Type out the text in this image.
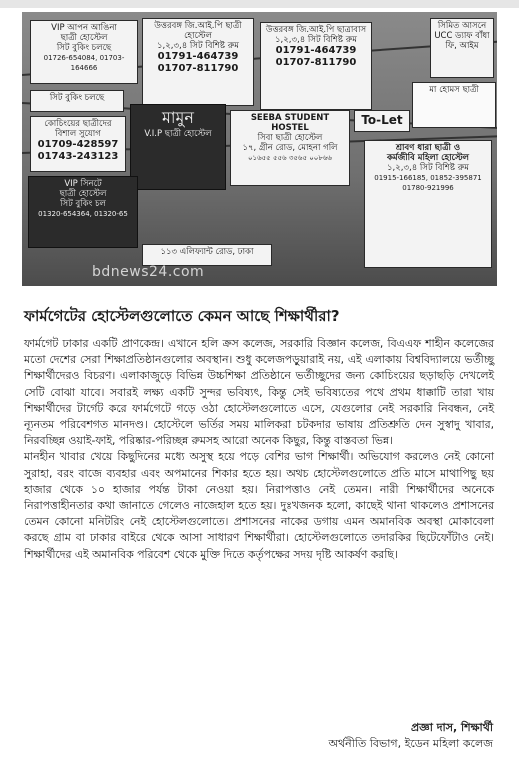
VIP আপন আঙিনা
ছাত্রী হোস্টেল
সিট বুকিং চলছে
01726-654084, 01703-164666
উত্তরবঙ্গ জি.আই.পি ছাত্রী হোস্টেল
১,২,৩,৪ সিট বিশিষ্ট রুম
01791-464739
01707-811790
উত্তরবঙ্গ জি.আই.পি ছাত্রাবাস
১,২,৩,৪ সিট বিশিষ্ট রুম
01791-464739
01707-811790
সিমিত আসনে
UCC ড্যাফ বাঁধা
ফি, আইম
সিট বুকিং চলছে
মামুন
V.I.P ছাত্রী হোস্টেল
SEEBA STUDENT HOSTEL
সিবা ছাত্রী হোস্টেল
১৭, গ্রীন রোড, মোহনা গলি
০১৬৫৫ ৫৫৬ ৩৫৬৫ ০০৮৬৬
To-Let
মা হোমস ছাত্রী
কোচিংয়ের ছাত্রীদের
বিশাল সুযোগ
01709-428597
01743-243123
VIP সিনটে
ছাত্রী হোস্টেল
সিট বুকিং চল
01320-654364, 01320-65
শ্রাবণ ধারা ছাত্রী ও
কর্মজীবি মহিলা হোস্টেল
১,২,৩,৪ সিট বিশিষ্ট রুম
01915-166185, 01852-395871
01780-921996
১১৩ এলিফ্যান্ট রোড, ঢাকা
bdnews24.com
ফার্মগেটের হোস্টেলগুলোতে কেমন আছে শিক্ষার্থীরা?

ফার্মগেট ঢাকার একটি প্রাণকেন্দ্র। এখানে হলি ক্রস কলেজ, সরকারি বিজ্ঞান কলেজ, বিএএফ শাহীন কলেজের মতো দেশের সেরা শিক্ষাপ্রতিষ্ঠানগুলোর অবস্থান। শুধু কলেজপড়ুয়ারাই নয়, এই এলাকায় বিশ্ববিদ্যালয়ে ভর্তীচ্ছু শিক্ষার্থীদেরও বিচরণ। এলাকাজুড়ে বিভিন্ন উচ্চশিক্ষা প্রতিষ্ঠানে ভর্তীচ্ছুদের জন্য কোচিংয়ের ছড়াছড়ি দেখলেই সেটি বোঝা যাবে। সবারই লক্ষ্য একটি সুন্দর ভবিষ্যৎ, কিন্তু সেই ভবিষ্যতের পথে প্রথম ধাক্কাটি তারা খায় শিক্ষার্থীদের টার্গেট করে ফার্মগেটে গড়ে ওঠা হোস্টেলগুলোতে এসে, যেগুলোর নেই সরকারি নিবন্ধন, নেই ন্যূনতম পরিবেশগত মানদণ্ড। হোস্টেলে ভর্তির সময় মালিকরা চটকদার ভাষায় প্রতিশ্রুতি দেন সুস্বাদু খাবার, নিরবচ্ছিন্ন ওয়াই-ফাই, পরিষ্কার-পরিচ্ছন্ন রুমসহ আরো অনেক কিছুর, কিন্তু বাস্তবতা ভিন্ন।

মানহীন খাবার খেয়ে কিছুদিনের মধ্যে অসুস্থ হয়ে পড়ে বেশির ভাগ শিক্ষার্থী। অভিযোগ করলেও নেই কোনো সুরাহা, বরং বাজে ব্যবহার এবং অপমানের শিকার হতে হয়। অথচ হোস্টেলগুলোতে প্রতি মাসে মাথাপিছু ছয় হাজার থেকে ১০ হাজার পর্যন্ত টাকা নেওয়া হয়। নিরাপত্তাও নেই তেমন। নারী শিক্ষার্থীদের অনেকে নিরাপত্তাহীনতার কথা জানাতে গেলেও নাজেহাল হতে হয়। দুঃখজনক হলো, কাছেই থানা থাকলেও প্রশাসনের তেমন কোনো মনিটরিং নেই হোস্টেলগুলোতে। প্রশাসনের নাকের ডগায় এমন অমানবিক অবস্থা মোকাবেলা করছে গ্রাম বা ঢাকার বাইরে থেকে আসা সাধারণ শিক্ষার্থীরা। হোস্টেলগুলোতে তদারকির ছিটেফোঁটাও নেই। শিক্ষার্থীদের এই অমানবিক পরিবেশ থেকে মুক্তি দিতে কর্তৃপক্ষের সদয় দৃষ্টি আকর্ষণ করছি।

প্রজ্ঞা দাস, শিক্ষার্থী
অর্থনীতি বিভাগ, ইডেন মহিলা কলেজ
